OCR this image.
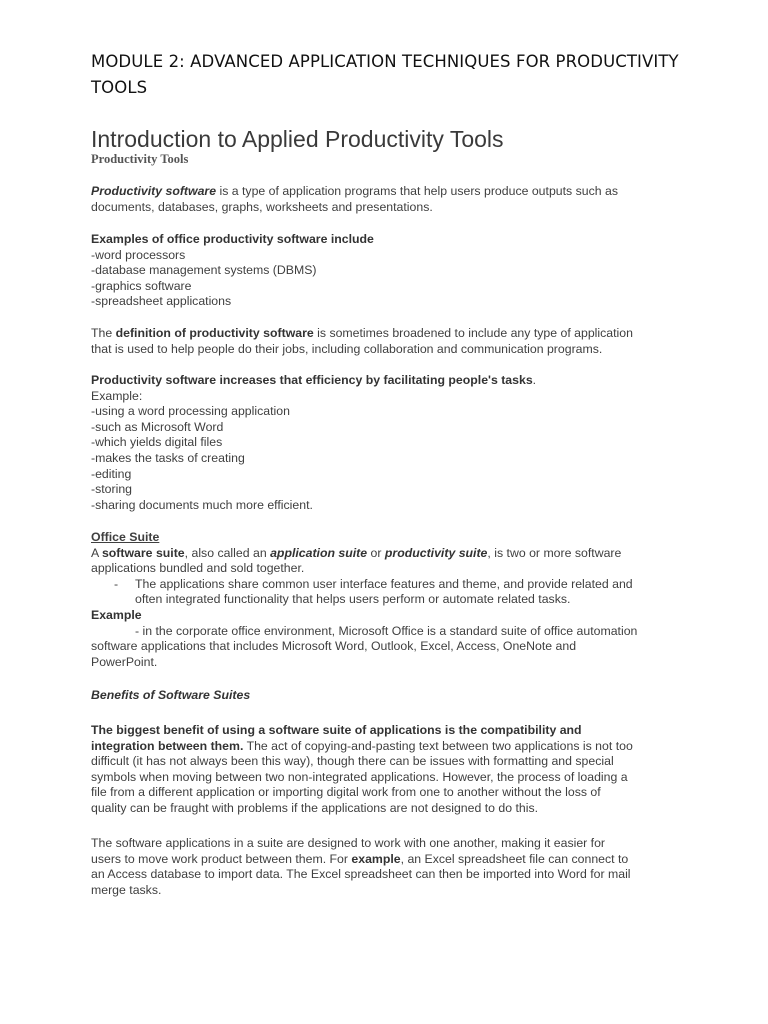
MODULE 2: ADVANCED APPLICATION TECHNIQUES FOR PRODUCTIVITY
TOOLS
Introduction to Applied Productivity Tools
Productivity Tools

Productivity software is a type of application programs that help users produce outputs such as

documents, databases, graphs, worksheets and presentations.

Examples of office productivity software include

-word processors

-database management systems (DBMS)

-graphics software

-spreadsheet applications

The definition of productivity software is sometimes broadened to include any type of application

that is used to help people do their jobs, including collaboration and communication programs.

Productivity software increases that efficiency by facilitating people's tasks.

Example:

-using a word processing application

-such as Microsoft Word

-which yields digital files

-makes the tasks of creating

-editing

-storing

-sharing documents much more efficient.

Office Suite

A software suite, also called an application suite or productivity suite, is two or more software

applications bundled and sold together.

- The applications share common user interface features and theme, and provide related and

often integrated functionality that helps users perform or automate related tasks.

Example

- in the corporate office environment, Microsoft Office is a standard suite of office automation

software applications that includes Microsoft Word, Outlook, Excel, Access, OneNote and

PowerPoint.

Benefits of Software Suites

The biggest benefit of using a software suite of applications is the compatibility and

integration between them. The act of copying-and-pasting text between two applications is not too

difficult (it has not always been this way), though there can be issues with formatting and special

symbols when moving between two non-integrated applications. However, the process of loading a

file from a different application or importing digital work from one to another without the loss of

quality can be fraught with problems if the applications are not designed to do this.

The software applications in a suite are designed to work with one another, making it easier for

users to move work product between them. For example, an Excel spreadsheet file can connect to

an Access database to import data. The Excel spreadsheet can then be imported into Word for mail

merge tasks.
